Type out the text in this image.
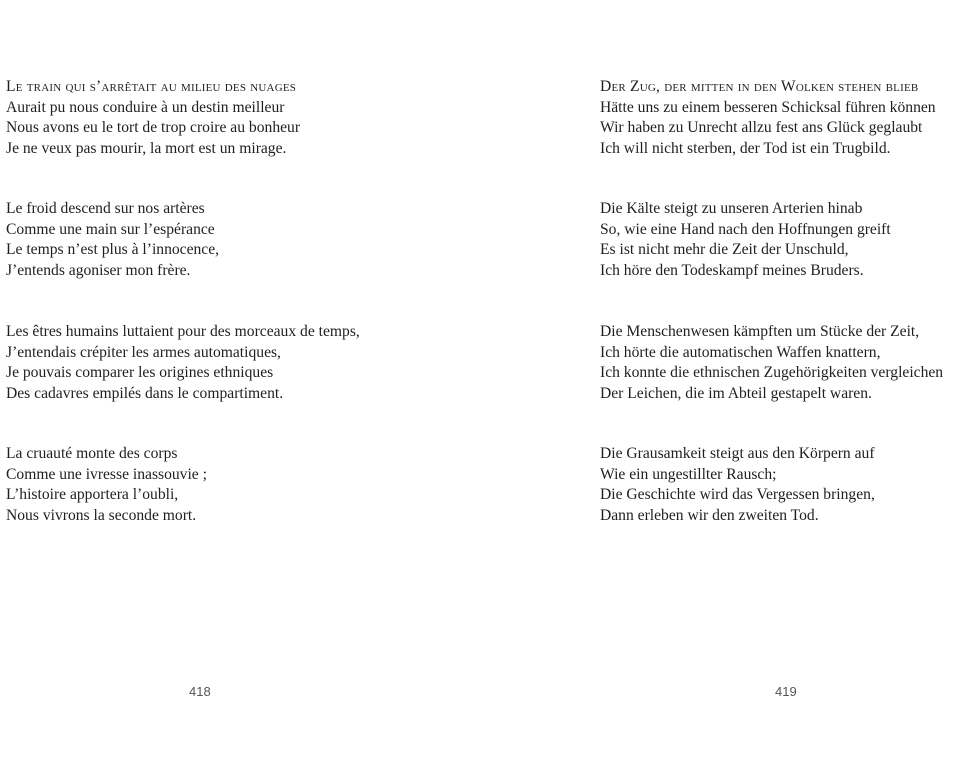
Le train qui s’arrêtait au milieu des nuages
Aurait pu nous conduire à un destin meilleur
Nous avons eu le tort de trop croire au bonheur
Je ne veux pas mourir, la mort est un mirage.
Le froid descend sur nos artères
Comme une main sur l’espérance
Le temps n’est plus à l’innocence,
J’entends agoniser mon frère.
Les êtres humains luttaient pour des morceaux de temps,
J’entendais crépiter les armes automatiques,
Je pouvais comparer les origines ethniques
Des cadavres empilés dans le compartiment.
La cruauté monte des corps
Comme une ivresse inassouvie ;
L’histoire apportera l’oubli,
Nous vivrons la seconde mort.
418
Der Zug, der mitten in den Wolken stehen blieb
Hätte uns zu einem besseren Schicksal führen können
Wir haben zu Unrecht allzu fest ans Glück geglaubt
Ich will nicht sterben, der Tod ist ein Trugbild.
Die Kälte steigt zu unseren Arterien hinab
So, wie eine Hand nach den Hoffnungen greift
Es ist nicht mehr die Zeit der Unschuld,
Ich höre den Todeskampf meines Bruders.
Die Menschenwesen kämpften um Stücke der Zeit,
Ich hörte die automatischen Waffen knattern,
Ich konnte die ethnischen Zugehörigkeiten vergleichen
Der Leichen, die im Abteil gestapelt waren.
Die Grausamkeit steigt aus den Körpern auf
Wie ein ungestillter Rausch;
Die Geschichte wird das Vergessen bringen,
Dann erleben wir den zweiten Tod.
419
